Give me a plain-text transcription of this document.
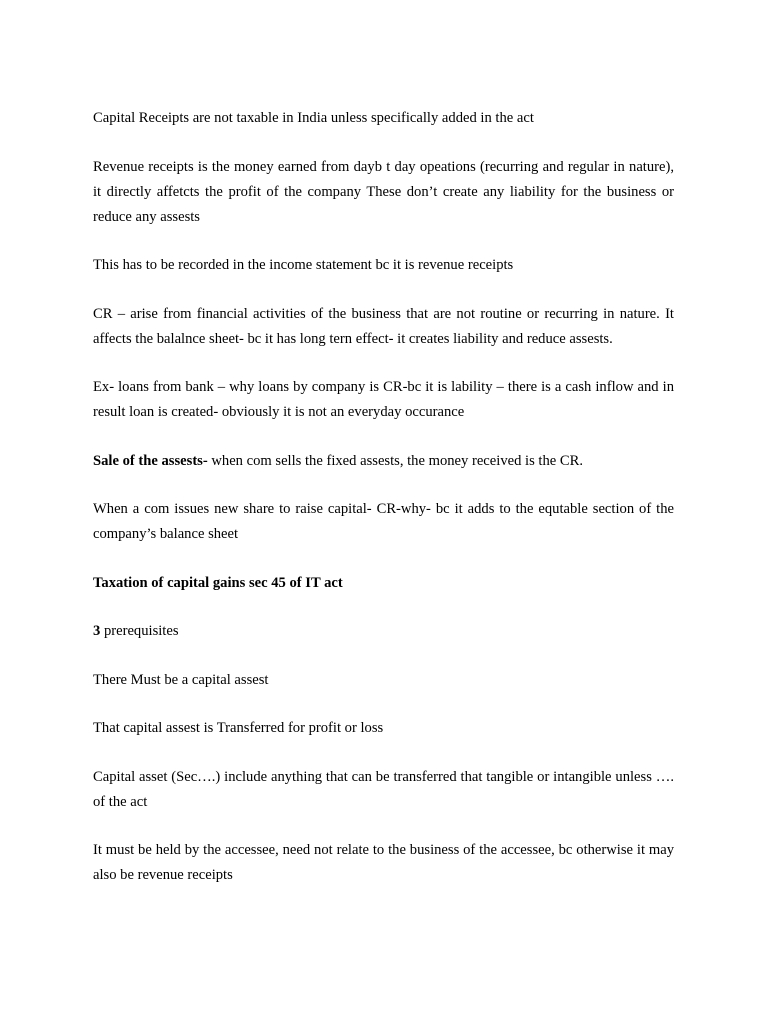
Capital Receipts are not taxable in India unless specifically added in the act

Revenue receipts is the money earned from dayb t day opeations (recurring and regular in nature), it directly affetcts the profit of the company These don’t create any liability for the business or reduce any assests

This has to be recorded in the income statement bc it is revenue receipts

CR – arise from financial activities of the business that are not routine or recurring in nature. It affects the balalnce sheet- bc it has long tern effect- it creates liability and reduce assests.

Ex- loans from bank – why loans by company is CR-bc it is lability – there is a cash inflow and in result loan is created- obviously it is not an everyday occurance

Sale of the assests- when com sells the fixed assests, the money received is the CR.

When a com issues new share to raise capital- CR-why- bc it adds to the equtable section of the company’s balance sheet

Taxation of capital gains sec 45 of IT act

3 prerequisites

There Must be a capital assest

That capital assest is Transferred for profit or loss

Capital asset (Sec….) include anything that can be transferred that tangible or intangible unless …. of the act

It must be held by the accessee, need not relate to the business of the accessee, bc otherwise it may also be revenue receipts
